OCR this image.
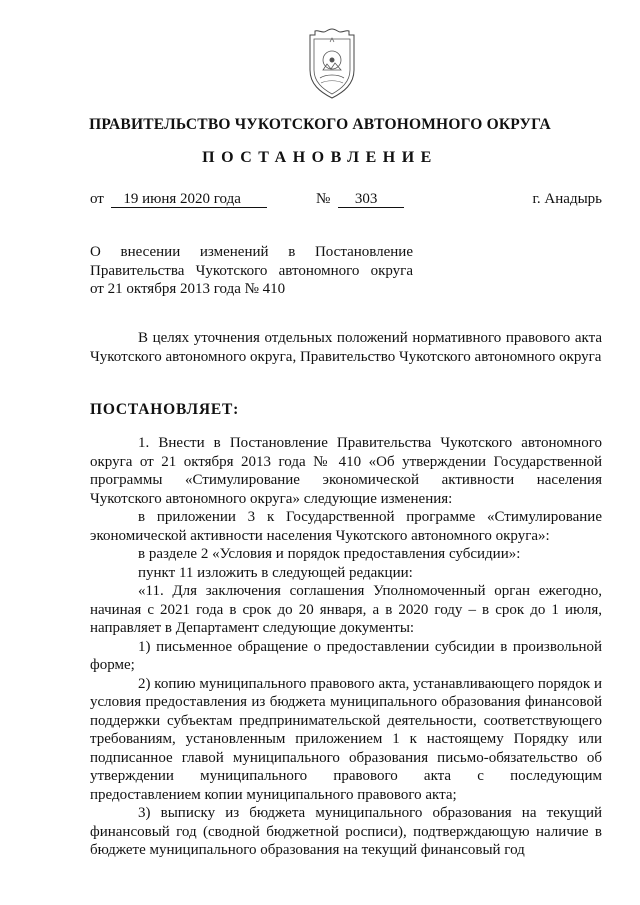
ПРАВИТЕЛЬСТВО ЧУКОТСКОГО АВТОНОМНОГО ОКРУГА
ПОСТАНОВЛЕНИЕ
от 19 июня 2020 года	№ 303	г. Анадырь
О внесении изменений в Постановление
Правительства Чукотского автономного округа
от 21 октября 2013 года № 410

В целях уточнения отдельных положений нормативного правового акта Чукотского автономного округа, Правительство Чукотского автономного округа

ПОСТАНОВЛЯЕТ:

1. Внести в Постановление Правительства Чукотского автономного округа от 21 октября 2013 года № 410 «Об утверждении Государственной программы «Стимулирование экономической активности населения Чукотского автономного округа» следующие изменения:

в приложении 3 к Государственной программе «Стимулирование экономической активности населения Чукотского автономного округа»:

в разделе 2 «Условия и порядок предоставления субсидии»:

пункт 11 изложить в следующей редакции:

«11. Для заключения соглашения Уполномоченный орган ежегодно, начиная с 2021 года в срок до 20 января, а в 2020 году – в срок до 1 июля, направляет в Департамент следующие документы:

1) письменное обращение о предоставлении субсидии в произвольной форме;

2) копию муниципального правового акта, устанавливающего порядок и условия предоставления из бюджета муниципального образования финансовой поддержки субъектам предпринимательской деятельности, соответствующего требованиям, установленным приложением 1 к настоящему Порядку или подписанное главой муниципального образования письмо-обязательство об утверждении муниципального правового акта с последующим предоставлением копии муниципального правового акта;

3) выписку из бюджета муниципального образования на текущий финансовый год (сводной бюджетной росписи), подтверждающую наличие в бюджете муниципального образования на текущий финансовый год
